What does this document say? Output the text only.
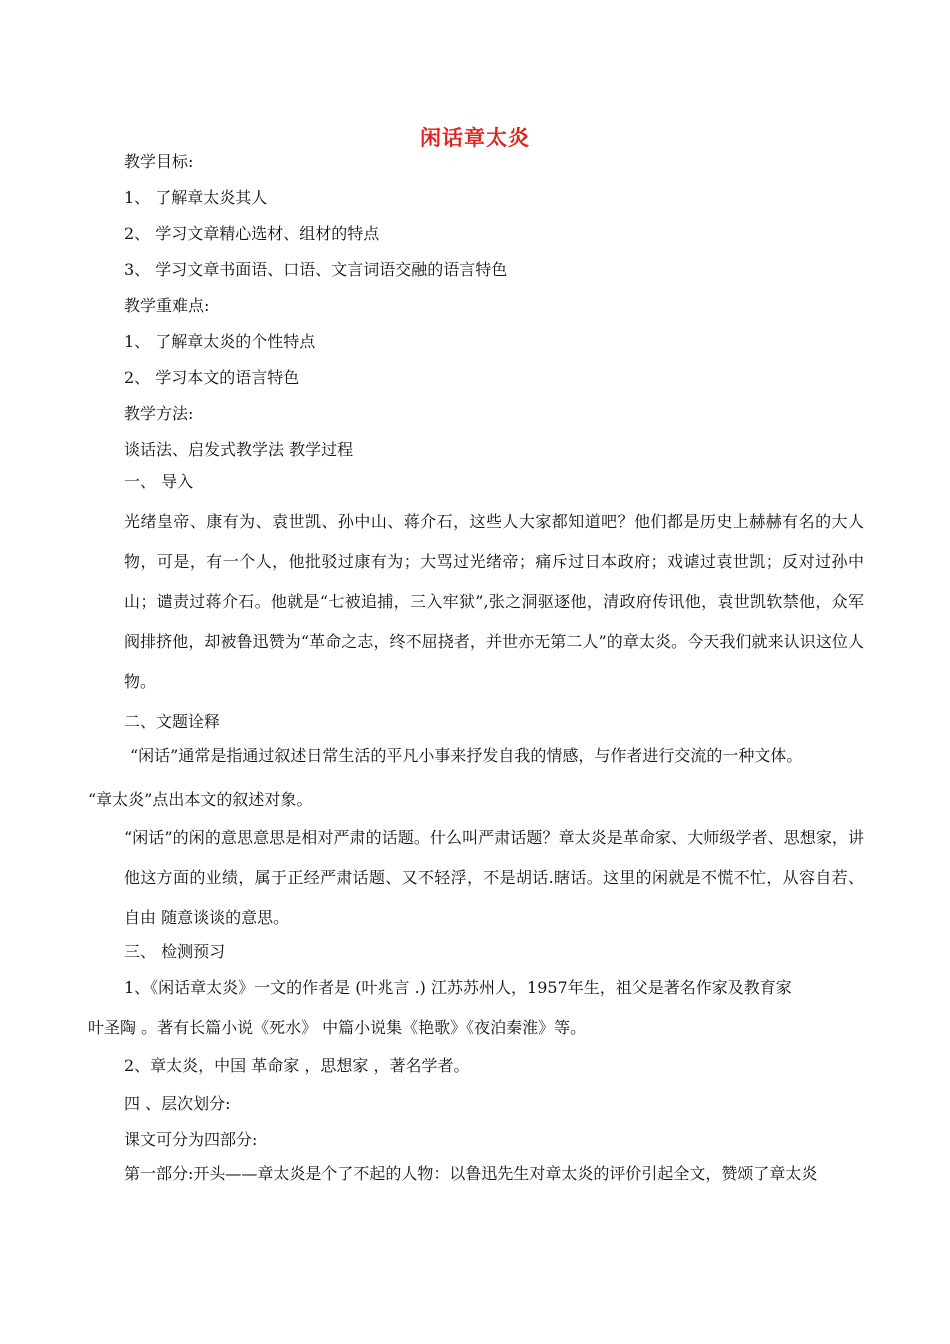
闲话章太炎
教学目标:
1、 了解章太炎其人
2、 学习文章精心选材、组材的特点
3、 学习文章书面语、口语、文言词语交融的语言特色
教学重难点:
1、 了解章太炎的个性特点
2、 学习本文的语言特色
教学方法:
谈话法、启发式教学法 教学过程
一、 导入
光绪皇帝、康有为、袁世凯、孙中山、蒋介石，这些人大家都知道吧？他们都是历史上赫赫有名的大人物，可是，有一个人，他批驳过康有为；大骂过光绪帝；痛斥过日本政府；戏谑过袁世凯；反对过孙中山；谴责过蒋介石。他就是“七被追捕，三入牢狱”,张之洞驱逐他，清政府传讯他，袁世凯软禁他，众军阀排挤他，却被鲁迅赞为“革命之志，终不屈挠者，并世亦无第二人”的章太炎。今天我们就来认识这位人物。
二、文题诠释
“闲话”通常是指通过叙述日常生活的平凡小事来抒发自我的情感，与作者进行交流的一种文体。
“章太炎”点出本文的叙述对象。
“闲话”的闲的意思意思是相对严肃的话题。什么叫严肃话题？章太炎是革命家、大师级学者、思想家，讲他这方面的业绩，属于正经严肃话题、又不轻浮，不是胡话.瞎话。这里的闲就是不慌不忙，从容自若、自由 随意谈谈的意思。
三、 检测预习
1、《闲话章太炎》一文的作者是 (叶兆言 .) 江苏苏州人，1957年生，祖父是著名作家及教育家
叶圣陶 。著有长篇小说《死水》 中篇小说集《艳歌》《夜泊秦淮》等。
2、章太炎，中国 革命家 ，思想家 ，著名学者。
四 、层次划分:
课文可分为四部分:
第一部分:开头——章太炎是个了不起的人物：以鲁迅先生对章太炎的评价引起全文，赞颂了章太炎
